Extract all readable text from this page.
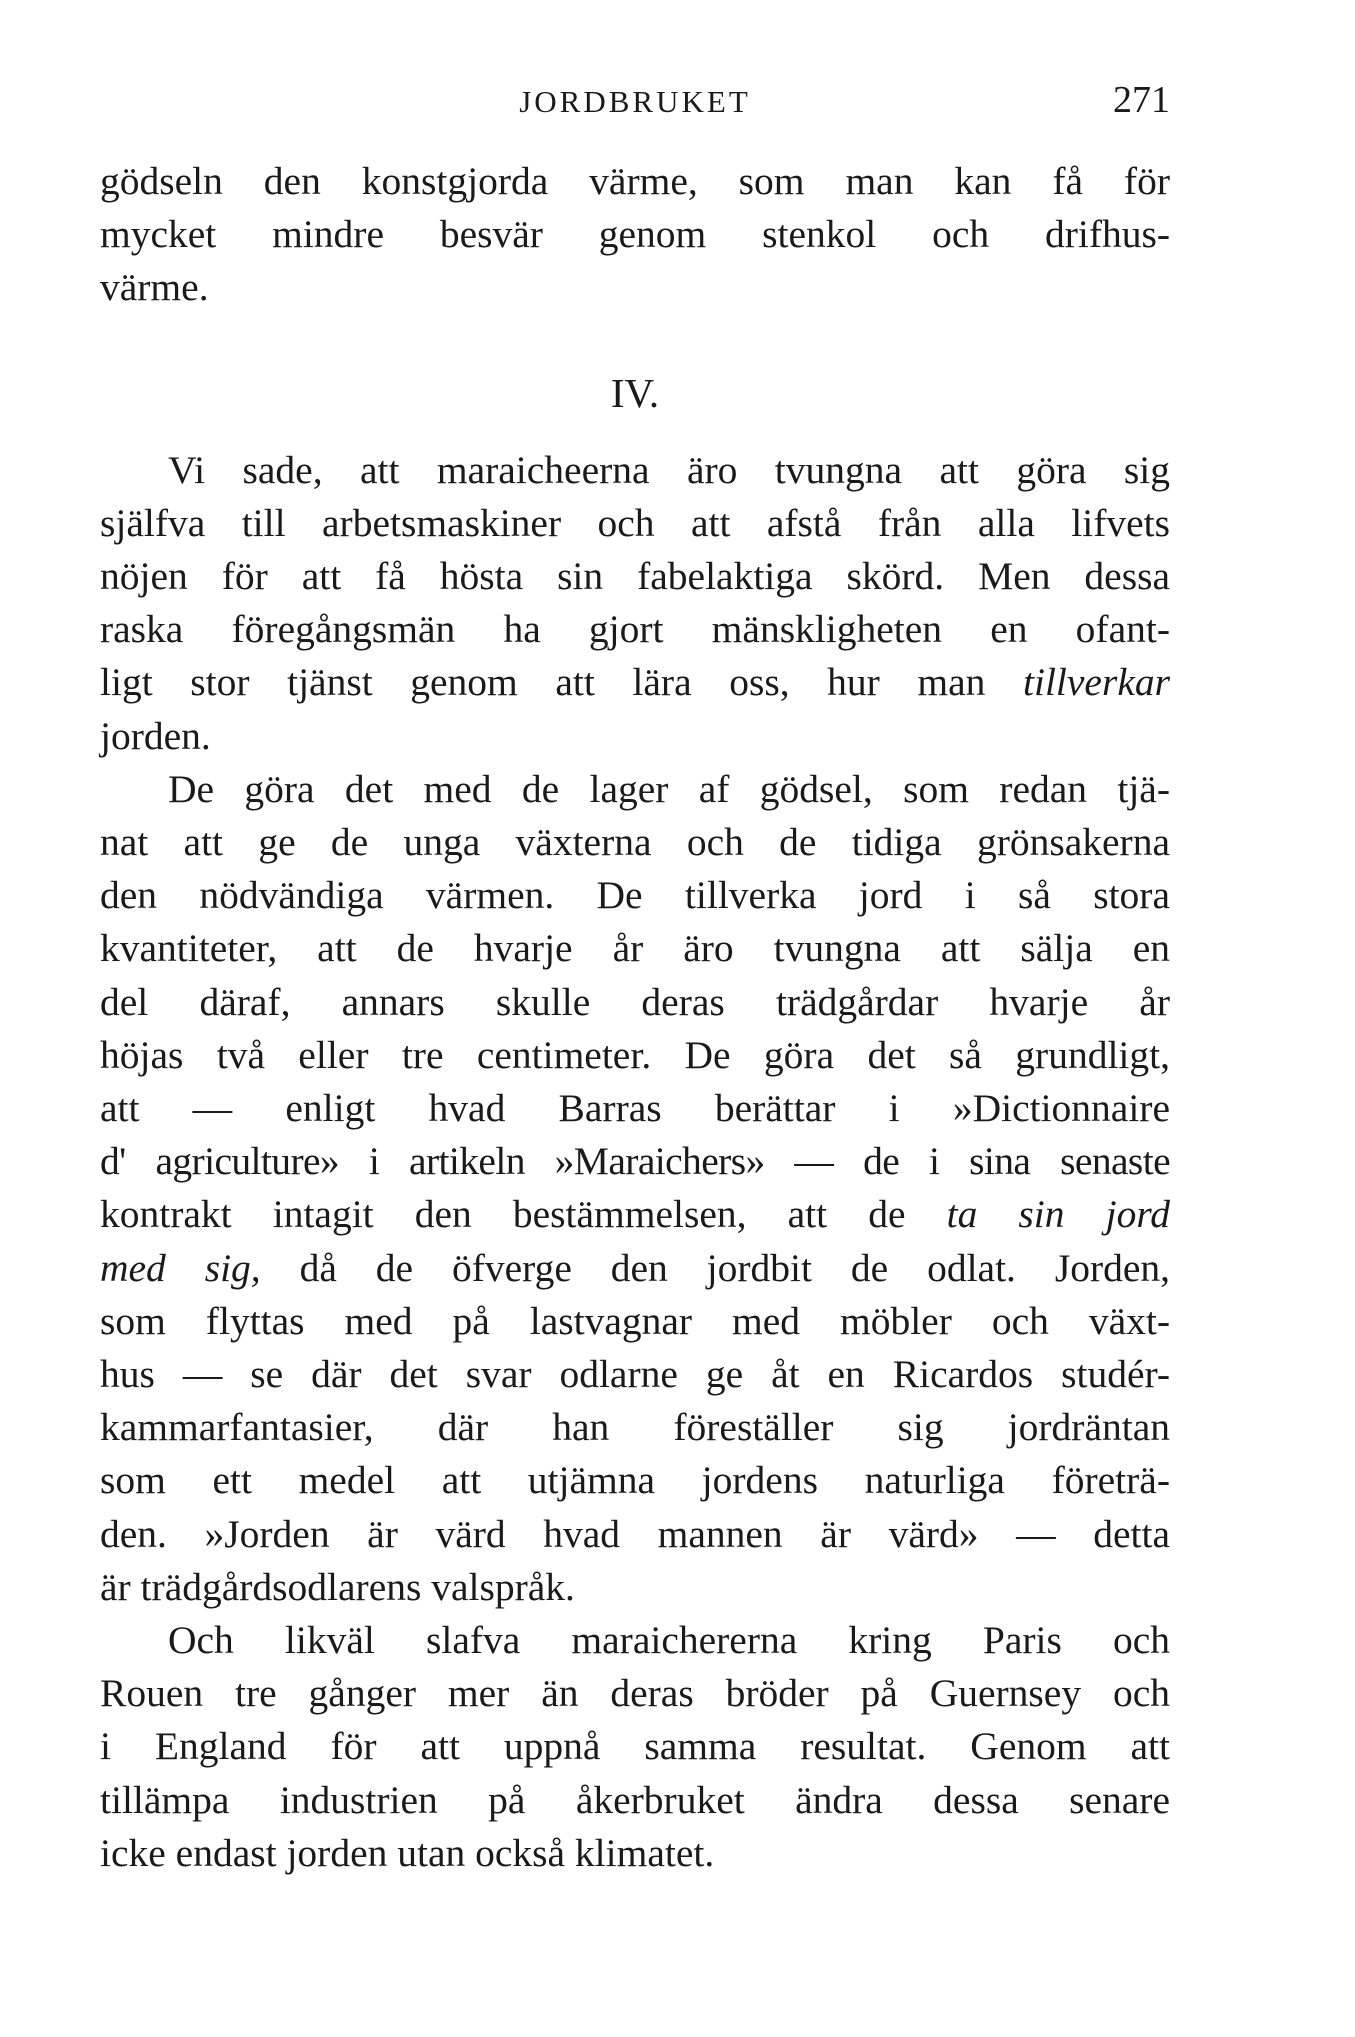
JORDBRUKET	271
gödseln den konstgjorda värme, som man kan få för
mycket mindre besvär genom stenkol och drifhus-
värme.
IV.
Vi sade, att maraicheerna äro tvungna att göra sig
själfva till arbetsmaskiner och att afstå från alla lifvets
nöjen för att få hösta sin fabelaktiga skörd. Men dessa
raska föregångsmän ha gjort mänskligheten en ofant-
ligt stor tjänst genom att lära oss, hur man tillverkar
jorden.
De göra det med de lager af gödsel, som redan tjä-
nat att ge de unga växterna och de tidiga grönsakerna
den nödvändiga värmen. De tillverka jord i så stora
kvantiteter, att de hvarje år äro tvungna att sälja en
del däraf, annars skulle deras trädgårdar hvarje år
höjas två eller tre centimeter. De göra det så grundligt,
att — enligt hvad Barras berättar i »Dictionnaire
d' agriculture» i artikeln »Maraichers» — de i sina senaste
kontrakt intagit den bestämmelsen, att de ta sin jord
med sig, då de öfverge den jordbit de odlat. Jorden,
som flyttas med på lastvagnar med möbler och växt-
hus — se där det svar odlarne ge åt en Ricardos studér-
kammarfantasier, där han föreställer sig jordräntan
som ett medel att utjämna jordens naturliga företrä-
den. »Jorden är värd hvad mannen är värd» — detta
är trädgårdsodlarens valspråk.
Och likväl slafva maraichererna kring Paris och
Rouen tre gånger mer än deras bröder på Guernsey och
i England för att uppnå samma resultat. Genom att
tillämpa industrien på åkerbruket ändra dessa senare
icke endast jorden utan också klimatet.
